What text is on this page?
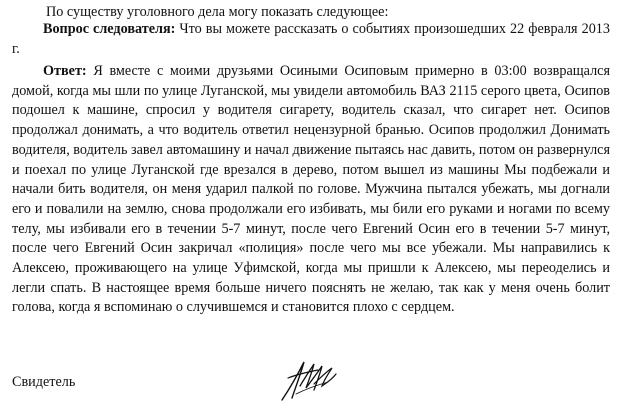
По существу уголовного дела могу показать следующее:

Вопрос следователя: Что вы можете рассказать о событиях произошедших 22 февраля 2013 г.

Ответ: Я вместе с моими друзьями Осиными Осиповым примерно в 03:00 возвращался домой, когда мы шли по улице Луганской, мы увидели автомобиль ВАЗ 2115 серого цвета, Осипов подошел к машине, спросил у водителя сигарету, водитель сказал, что сигарет нет. Осипов продолжал донимать, а что водитель ответил нецензурной бранью. Осипов продолжил Донимать водителя, водитель завел автомашину и начал движение пытаясь нас давить, потом он развернулся и поехал по улице Луганской где врезался в дерево, потом вышел из машины Мы подбежали и начали бить водителя, он меня ударил палкой по голове. Мужчина пытался убежать, мы догнали его и повалили на землю, снова продолжали его избивать, мы били его руками и ногами по всему телу, мы избивали его в течении 5-7 минут, после чего Евгений Осин его в течении 5-7 минут, после чего Евгений Осин закричал «полиция» после чего мы все убежали. Мы направились к Алексею, проживающего на улице Уфимской, когда мы пришли к Алексею, мы переоделись и легли спать. В настоящее время больше ничего пояснять не желаю, так как у меня очень болит голова, когда я вспоминаю о случившемся и становится плохо с сердцем.

Свидетель
